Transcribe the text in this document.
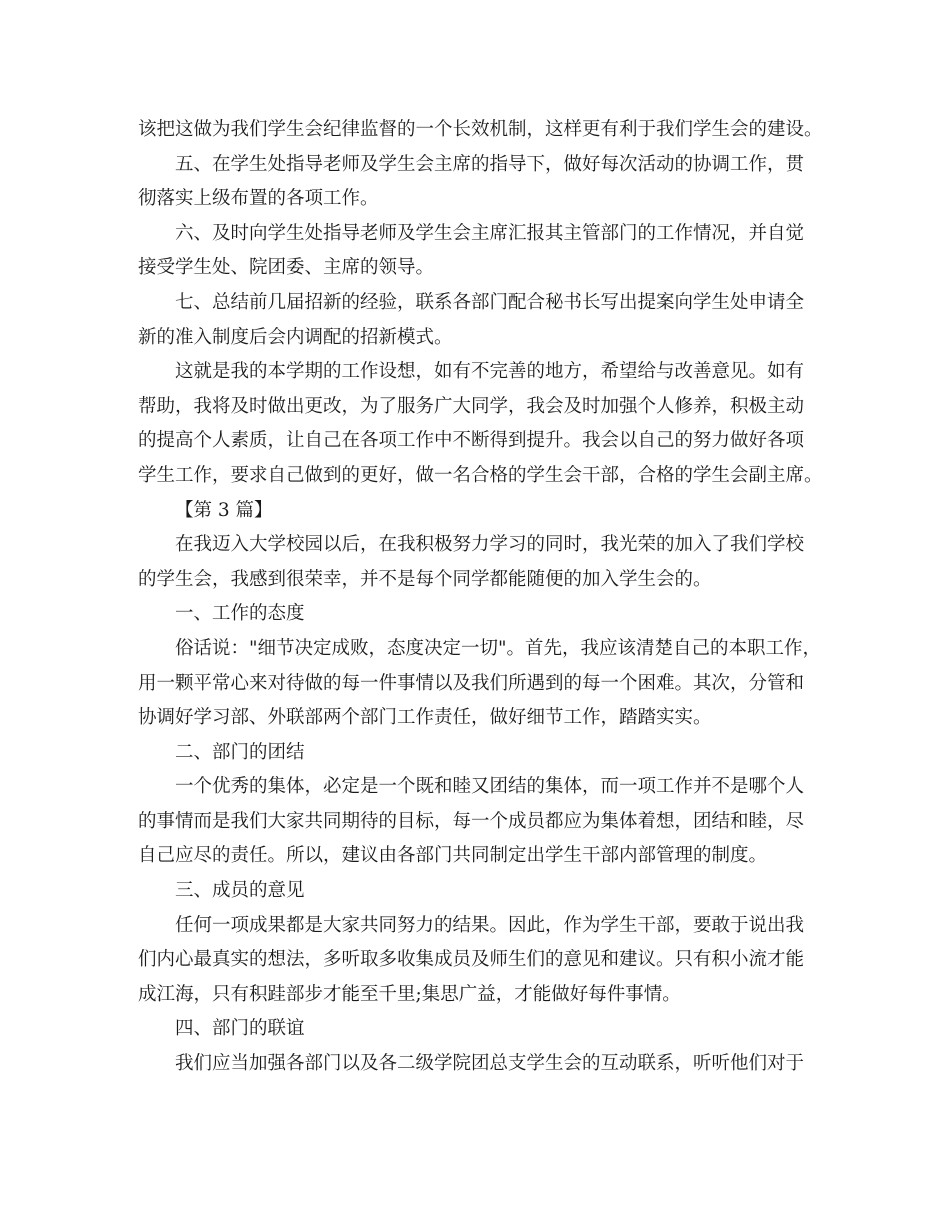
该把这做为我们学生会纪律监督的一个长效机制，这样更有利于我们学生会的建设。
五、在学生处指导老师及学生会主席的指导下，做好每次活动的协调工作，贯
彻落实上级布置的各项工作。
六、及时向学生处指导老师及学生会主席汇报其主管部门的工作情况，并自觉
接受学生处、院团委、主席的领导。
七、总结前几届招新的经验，联系各部门配合秘书长写出提案向学生处申请全
新的准入制度后会内调配的招新模式。
这就是我的本学期的工作设想，如有不完善的地方，希望给与改善意见。如有
帮助，我将及时做出更改，为了服务广大同学，我会及时加强个人修养，积极主动
的提高个人素质，让自己在各项工作中不断得到提升。我会以自己的努力做好各项
学生工作，要求自己做到的更好，做一名合格的学生会干部，合格的学生会副主席。
【第 3 篇】
在我迈入大学校园以后，在我积极努力学习的同时，我光荣的加入了我们学校
的学生会，我感到很荣幸，并不是每个同学都能随便的加入学生会的。
一、工作的态度
俗话说："细节决定成败，态度决定一切"。首先，我应该清楚自己的本职工作，
用一颗平常心来对待做的每一件事情以及我们所遇到的每一个困难。其次，分管和
协调好学习部、外联部两个部门工作责任，做好细节工作，踏踏实实。
二、部门的团结
一个优秀的集体，必定是一个既和睦又团结的集体，而一项工作并不是哪个人
的事情而是我们大家共同期待的目标，每一个成员都应为集体着想，团结和睦，尽
自己应尽的责任。所以，建议由各部门共同制定出学生干部内部管理的制度。
三、成员的意见
任何一项成果都是大家共同努力的结果。因此，作为学生干部，要敢于说出我
们内心最真实的想法，多听取多收集成员及师生们的意见和建议。只有积小流才能
成江海，只有积跬部步才能至千里;集思广益，才能做好每件事情。
四、部门的联谊
我们应当加强各部门以及各二级学院团总支学生会的互动联系，听听他们对于
